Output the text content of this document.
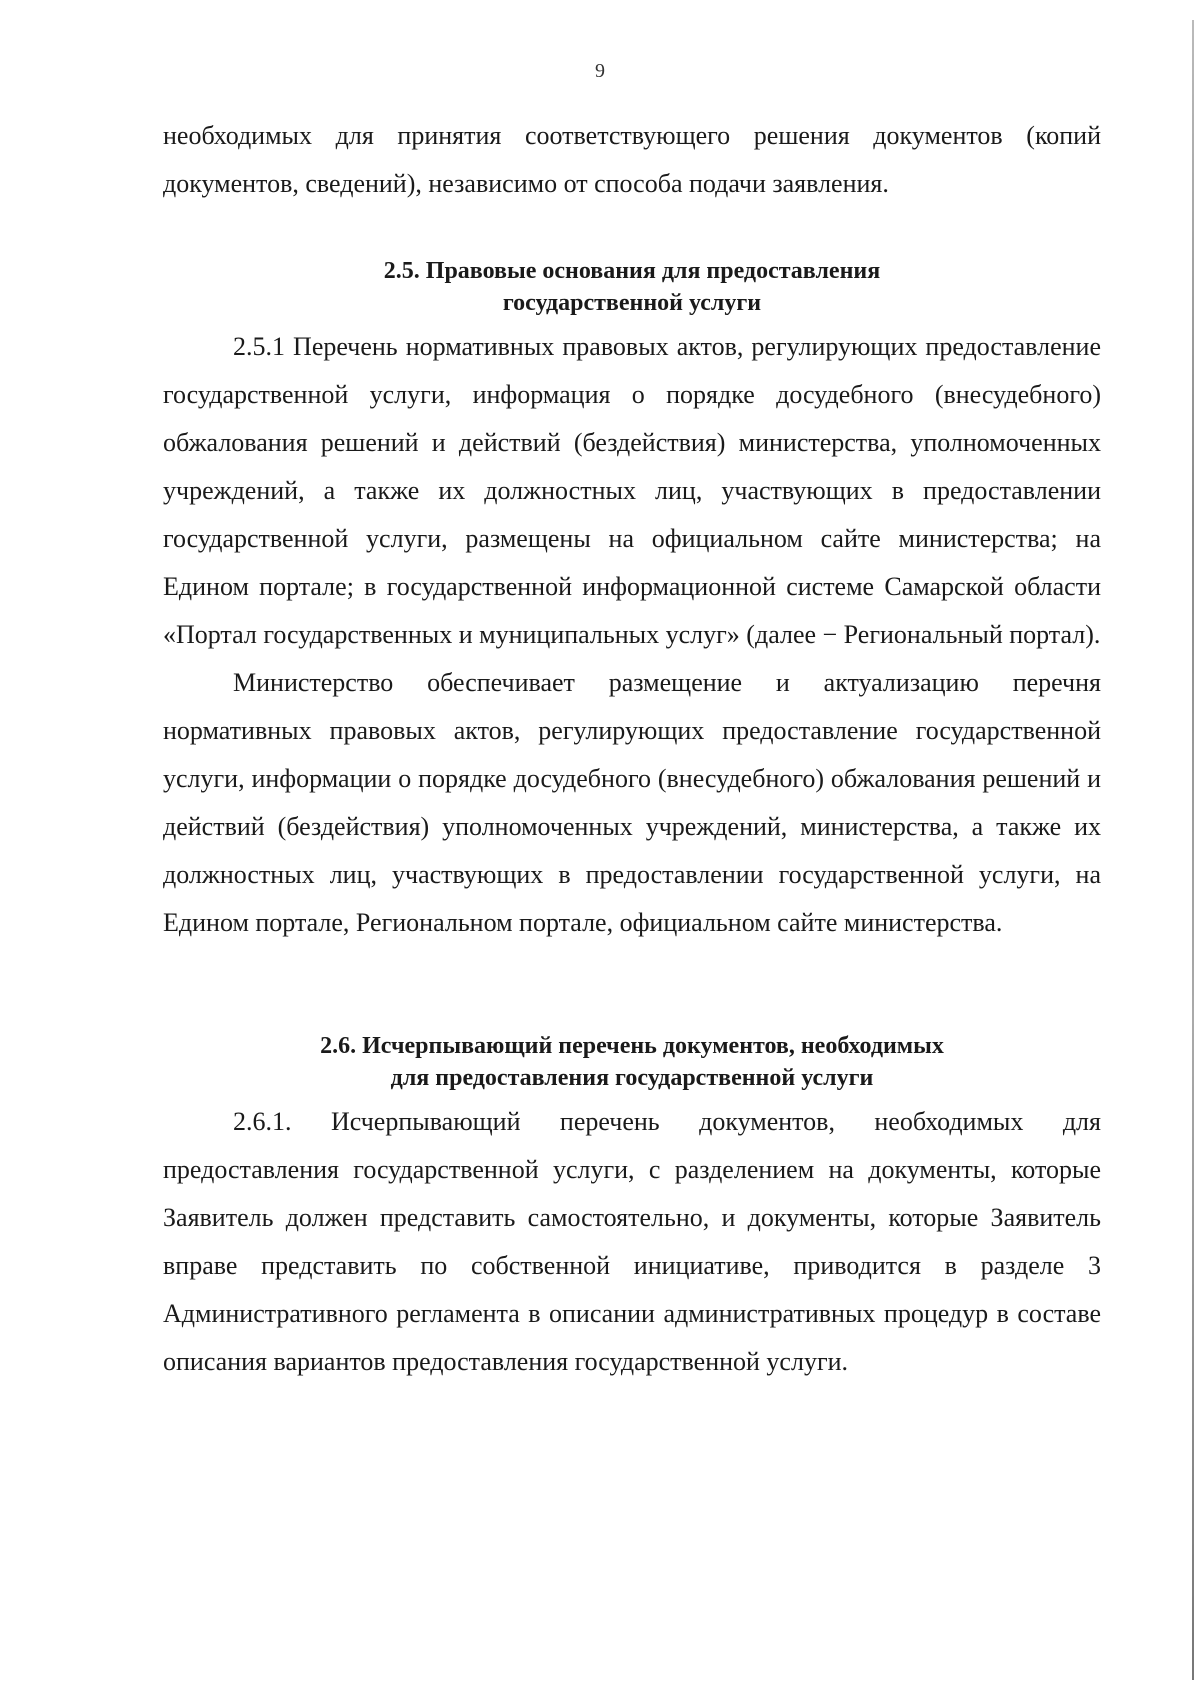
9

необходимых для принятия соответствующего решения документов (копий документов, сведений), независимо от способа подачи заявления.

2.5. Правовые основания для предоставления

государственной услуги

2.5.1 Перечень нормативных правовых актов, регулирующих предоставление государственной услуги, информация о порядке досудебного (внесудебного) обжалования решений и действий (бездействия) министерства, уполномоченных учреждений, а также их должностных лиц, участвующих в предоставлении государственной услуги, размещены на официальном сайте министерства; на Едином портале; в государственной информационной системе Самарской области «Портал государственных и муниципальных услуг» (далее − Региональный портал).

Министерство обеспечивает размещение и актуализацию перечня нормативных правовых актов, регулирующих предоставление государственной услуги, информации о порядке досудебного (внесудебного) обжалования решений и действий (бездействия) уполномоченных учреждений, министерства, а также их должностных лиц, участвующих в предоставлении государственной услуги, на Едином портале, Региональном портале, официальном сайте министерства.

2.6. Исчерпывающий перечень документов, необходимых

для предоставления государственной услуги

2.6.1. Исчерпывающий перечень документов, необходимых для предоставления государственной услуги, с разделением на документы, которые Заявитель должен представить самостоятельно, и документы, которые Заявитель вправе представить по собственной инициативе, приводится в разделе 3 Административного регламента в описании административных процедур в составе описания вариантов предоставления государственной услуги.
